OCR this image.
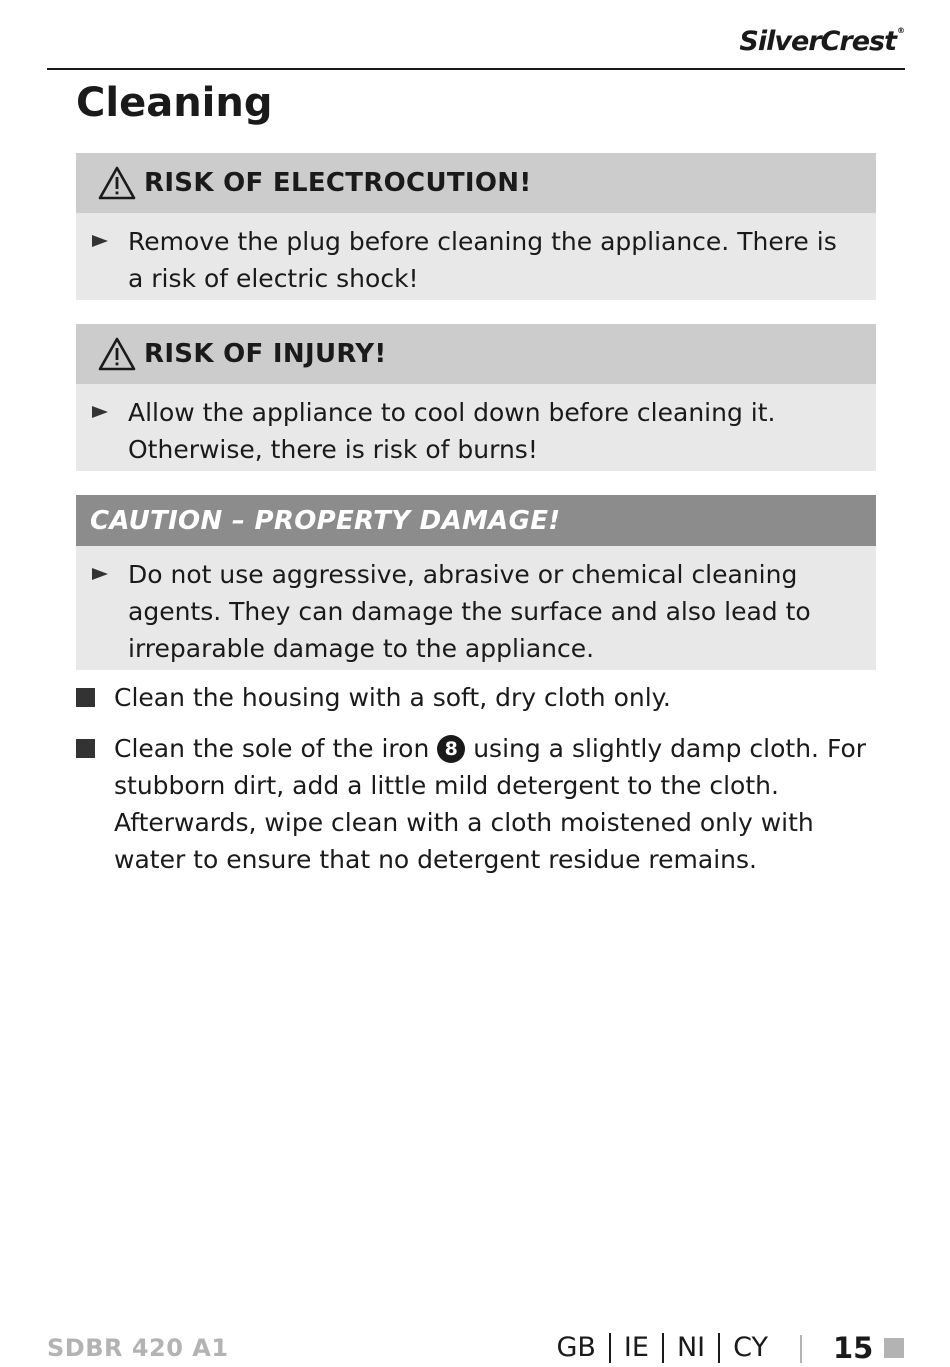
SilverCrest®
Cleaning
RISK OF ELECTROCUTION!
Remove the plug before cleaning the appliance. There is a risk of electric shock!
RISK OF INJURY!
Allow the appliance to cool down before cleaning it. Otherwise, there is risk of burns!
CAUTION – PROPERTY DAMAGE!
Do not use aggressive, abrasive or chemical cleaning agents. They can damage the surface and also lead to irreparable damage to the appliance.
Clean the housing with a soft, dry cloth only.
Clean the sole of the iron 8 using a slightly damp cloth. For stubborn dirt, add a little mild detergent to the cloth. Afterwards, wipe clean with a cloth moistened only with water to ensure that no detergent residue remains.
SDBR 420 A1	GB IE NI CY 15
